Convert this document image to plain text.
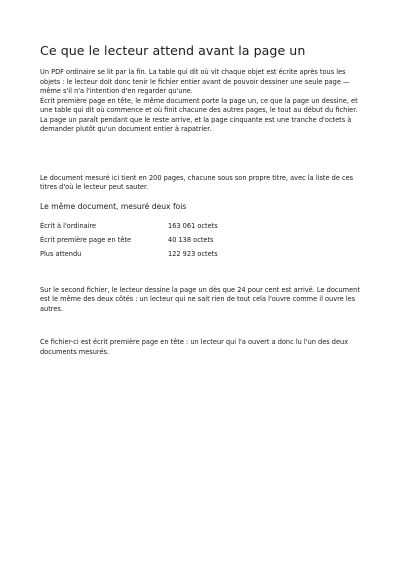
Ce que le lecteur attend avant la page un

Un PDF ordinaire se lit par la fin. La table qui dit où vit chaque objet est écrite après tous les objets : le lecteur doit donc tenir le fichier entier avant de pouvoir dessiner une seule page — même s'il n'a l'intention d'en regarder qu'une.

Écrit première page en tête, le même document porte la page un, ce que la page un dessine, et une table qui dit où commence et où finit chacune des autres pages, le tout au début du fichier. La page un paraît pendant que le reste arrive, et la page cinquante est une tranche d'octets à demander plutôt qu'un document entier à rapatrier.

Le document mesuré ici tient en 200 pages, chacune sous son propre titre, avec la liste de ces titres d'où le lecteur peut sauter.

Le même document, mesuré deux fois
Écrit à l'ordinaire	163 061 octets
Écrit première page en tête	40 138 octets
Plus attendu	122 923 octets

Sur le second fichier, le lecteur dessine la page un dès que 24 pour cent est arrivé. Le document est le même des deux côtés : un lecteur qui ne sait rien de tout cela l'ouvre comme il ouvre les autres.

Ce fichier-ci est écrit première page en tête : un lecteur qui l'a ouvert a donc lu l'un des deux documents mesurés.
